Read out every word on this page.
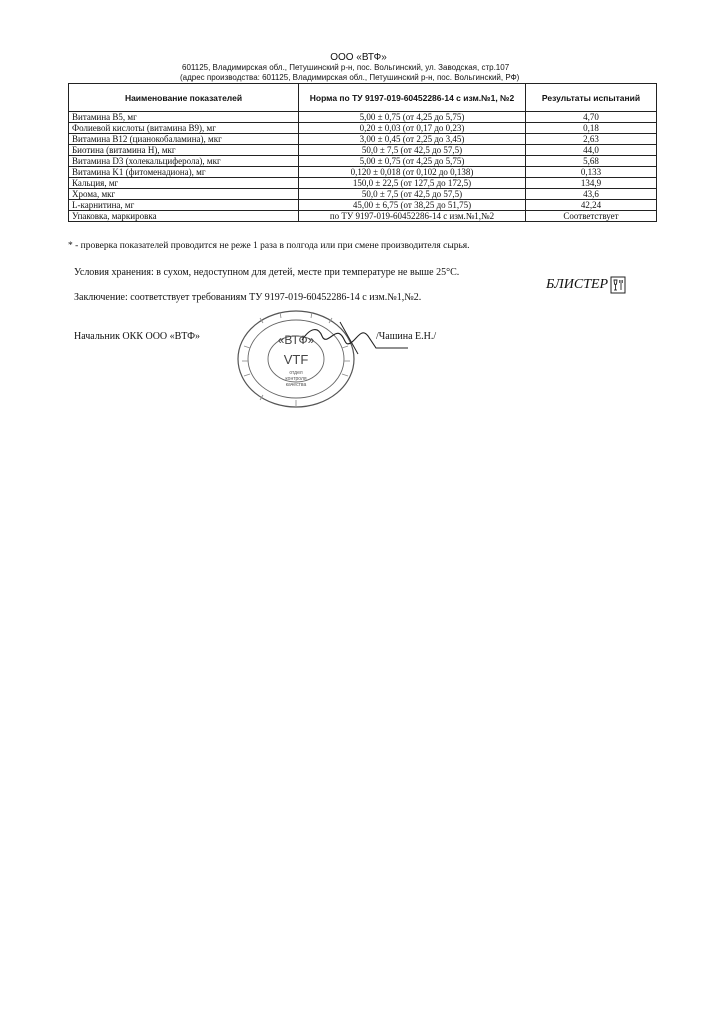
ООО «ВТФ»
601125, Владимирская обл., Петушинский р-н, пос. Вольгинский, ул. Заводская, стр.107
(адрес производства: 601125, Владимирская обл., Петушинский р-н, пос. Вольгинский, РФ)
Наименование показателей	Норма по ТУ 9197-019-60452286-14 с изм.№1, №2	Результаты испытаний
Витамина B5, мг	5,00 ± 0,75 (от 4,25 до 5,75)	4,70
Фолиевой кислоты (витамина B9), мг	0,20 ± 0,03 (от 0,17 до 0,23)	0,18
Витамина B12 (цианокобаламина), мкг	3,00 ± 0,45 (от 2,25 до 3,45)	2,63
Биотина (витамина H), мкг	50,0 ± 7,5 (от 42,5 до 57,5)	44,0
Витамина D3 (холекальциферола), мкг	5,00 ± 0,75 (от 4,25 до 5,75)	5,68
Витамина K1 (фитоменадиона), мг	0,120 ± 0,018 (от 0,102 до 0,138)	0,133
Кальция, мг	150,0 ± 22,5 (от 127,5 до 172,5)	134,9
Хрома, мкг	50,0 ± 7,5 (от 42,5 до 57,5)	43,6
L-карнитина, мг	45,00 ± 6,75 (от 38,25 до 51,75)	42,24
Упаковка, маркировка	по ТУ 9197-019-60452286-14 с изм.№1,№2	Соответствует
* - проверка показателей проводится не реже 1 раза в полгода или при смене производителя сырья.
Условия хранения: в сухом, недоступном для детей, месте при температуре не выше 25°С.
БЛИСТЕР
Заключение: соответствует требованиям ТУ 9197-019-60452286-14 с изм.№1,№2.
Начальник ОКК ООО «ВТФ»	/Чашина Е.Н./
«ВТФ»
VTF
отдел
контроля
качества
